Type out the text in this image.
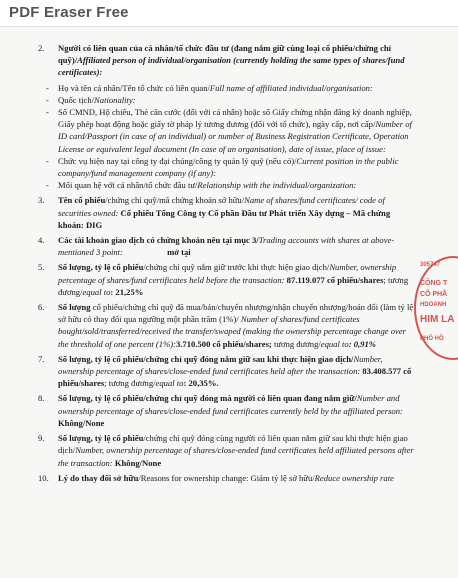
PDF Eraser Free
2. Người có liên quan của cá nhân/tổ chức đầu tư (đang nắm giữ cùng loại cổ phiếu/chứng chỉ quỹ)/Affiliated person of individual/organisation (currently holding the same types of shares/fund certificates):
- Họ và tên cá nhân/Tên tổ chức có liên quan/Full name of affiliated individual/organisation:
- Quốc tịch/Nationality:
- Số CMND, Hộ chiếu, Thẻ căn cước (đối với cá nhân) hoặc số Giấy chứng nhận đăng ký doanh nghiệp, Giấy phép hoạt động hoặc giấy tờ pháp lý tương đương (đối với tổ chức), ngày cấp, nơi cấp/Number of ID card/Passport (in case of an individual) or number of Business Registration Certificate, Operation License or equivalent legal document (In case of an organisation), date of issue, place of issue:
- Chức vụ hiện nay tại công ty đại chúng/công ty quản lý quỹ (nếu có)/Current position in the public company/fund management company (if any):
- Mối quan hệ với cá nhân/tổ chức đầu tư/Relationship with the individual/organization:
3. Tên cổ phiếu/chứng chỉ quỹ/mã chứng khoán sở hữu/Name of shares/fund certificates/ code of securities owned: Cổ phiếu Tổng Công ty Cổ phần Đầu tư Phát triển Xây dựng – Mã chứng khoán: DIG
4. Các tài khoản giao dịch có chứng khoán nêu tại mục 3/Trading accounts with shares at above-mentioned 3 point:	mở tại
5. Số lượng, tỷ lệ cổ phiếu/chứng chỉ quỹ nắm giữ trước khi thực hiện giao dịch/Number, ownership percentage of shares/fund certificates held before the transaction: 87.119.077 cổ phiếu/shares; tương đương/equal to: 21,25%
6. Số lượng cổ phiếu/chứng chỉ quỹ đã mua/bán/chuyển nhượng/nhận chuyển nhượng/hoán đổi (làm tỷ lệ sở hữu có thay đổi qua ngưỡng một phần trăm (1%)/ Number of shares/fund certificates bought/sold/transferred/received the transfer/swaped (making the ownership percentage change over the threshold of one percent (1%):3.710.500 cổ phiếu/shares; tương đương/equal to: 0,91%
7. Số lượng, tỷ lệ cổ phiếu/chứng chỉ quỹ đóng nắm giữ sau khi thực hiện giao dịch/Number, ownership percentage of shares/close-ended fund certificates held after the transaction: 83.408.577 cổ phiếu/shares; tương đương/equal to: 20,35%.
8. Số lượng, tỷ lệ cổ phiếu/chứng chỉ quỹ đóng mà người có liên quan đang nắm giữ/Number and ownership percentage of shares/close-ended fund certificates currently held by the affiliated person: Không/None
9. Số lượng, tỷ lệ cổ phiếu/chứng chỉ quỹ đóng cùng người có liên quan nắm giữ sau khi thực hiện giao dịch/Number, ownership percentage of shares/close-ended fund certificates held affiliated persons after the transaction: Không/None
10. Lý do thay đổi sở hữu/Reasons for ownership change: Giảm tỷ lệ sở hữu/Reduce ownership rate
305747
CÔNG T
CỔ PHẦ
HDOANH
HIM LA
PHỐ HỒ
